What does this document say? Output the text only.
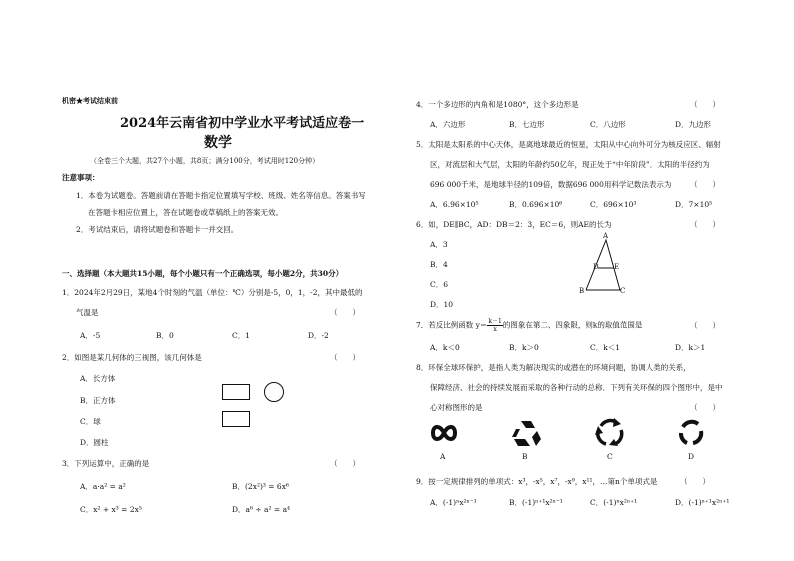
机密★考试结束前
2024年云南省初中学业水平考试适应卷一
数学
（全卷三个大题，共27个小题，共8页；满分100分，考试用时120分钟）
注意事项：
1．本卷为试题卷。答题前请在答题卡指定位置填写学校、班级、姓名等信息。答案书写
在答题卡相应位置上，答在试题卷或草稿纸上的答案无效。
2．考试结束后，请将试题卷和答题卡一并交回。
一、选择题（本大题共15小题，每个小题只有一个正确选项，每小题2分，共30分）
1．2024年2月29日，某地4个时刻的气温（单位：℃）分别是-5，0，1，-2，其中最低的
气温是	（　　）
A．-5	B．0	C．1	D．-2
2．如图是某几何体的三视图，该几何体是	（　　）
A．长方体
B．正方体
C．球
D．圆柱
3．下列运算中，正确的是	（　　）
A．a·a² = a²	B．(2x²)³ = 6x⁶
C．x² + x³ = 2x⁵	D．a⁶ ÷ a² = a⁴
4．一个多边形的内角和是1080°，这个多边形是	（　　）
A．六边形	B．七边形	C．八边形	D．九边形
5．太阳是太阳系的中心天体，是离地球最近的恒星，太阳从中心向外可分为核反应区、辐射
区，对流层和大气层，太阳的年龄约50亿年，现正处于“中年阶段”．太阳的半径约为
696 000千米，是地球半径的109倍，数据696 000用科学记数法表示为 （　　）
A．6.96×10⁵	B．0.696×10⁶	C．696×10³	D．7×10⁵
6．如，DE∥BC，AD：DB＝2：3，EC＝6，则AE的长为	（　　）
A．3
B．4
C．6
D．10
A
D E
B	C
7．若反比例函数 $y= \frac{k-1}{x}$ 的图象在第二、四象限，则k的取值范围是	（　　）
A．k＜0	B．k＞0	C．k＜1	D．k＞1
8．环保全球环保护，是指人类为解决现实的或潜在的环境问题，协调人类的关系，
保障经济、社会的持续发展而采取的各种行动的总称．下列有关环保的四个图形中，是中
心对称图形的是	（　　）
A	B	C	D
9．按一定规律排列的单项式：x³，-x⁵，x⁷，-x⁹，x¹¹，…第n个单项式是	（　　）
A．(-1)ⁿx²ⁿ⁻¹	B．(-1)ⁿ⁺¹x²ⁿ⁻¹	C．(-1)ⁿx²ⁿ⁺¹	D．(-1)ⁿ⁺¹x²ⁿ⁺¹
